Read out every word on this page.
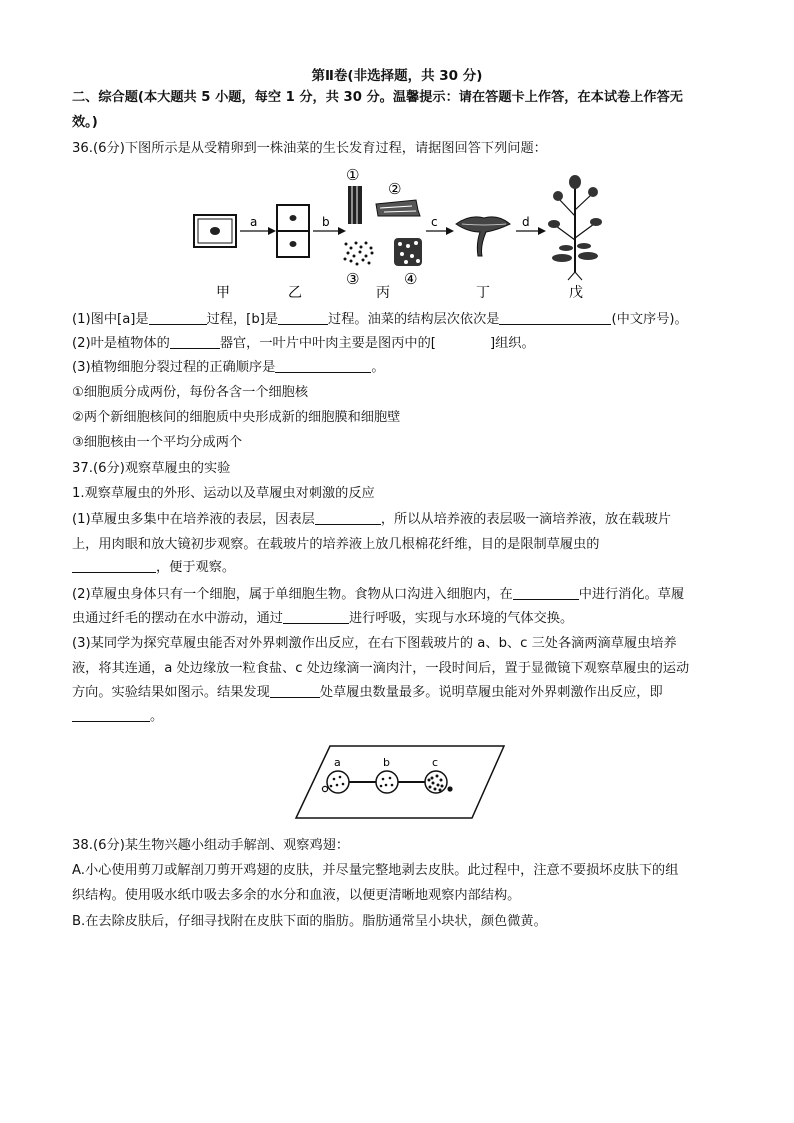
第Ⅱ卷(非选择题，共 30 分)
二、综合题(本大题共 5 小题，每空 1 分，共 30 分。温馨提示：请在答题卡上作答，在本试卷上作答无
效。)
36.(6分)下图所示是从受精卵到一株油菜的生长发育过程，请据图回答下列问题：
a	b
①
②
③	④
c	d
甲	乙	丙	丁	戊
(1)图中[a]是	过程，[b]是	过程。油菜的结构层次依次是	(中文序号)。
(2)叶是植物体的	器官，一叶片中叶肉主要是图丙中的[	]组织。
(3)植物细胞分裂过程的正确顺序是	。
①细胞质分成两份，每份各含一个细胞核
②两个新细胞核间的细胞质中央形成新的细胞膜和细胞壁
③细胞核由一个平均分成两个
37.(6分)观察草履虫的实验
1.观察草履虫的外形、运动以及草履虫对刺激的反应
(1)草履虫多集中在培养液的表层，因表层	，所以从培养液的表层吸一滴培养液，放在载玻片
上，用肉眼和放大镜初步观察。在载玻片的培养液上放几根棉花纤维，目的是限制草履虫的
，便于观察。
(2)草履虫身体只有一个细胞，属于单细胞生物。食物从口沟进入细胞内，在	中进行消化。草履
虫通过纤毛的摆动在水中游动，通过	进行呼吸，实现与水环境的气体交换。
(3)某同学为探究草履虫能否对外界刺激作出反应，在右下图载玻片的 a、b、c 三处各滴两滴草履虫培养
液，将其连通，a 处边缘放一粒食盐、c 处边缘滴一滴肉汁，一段时间后，置于显微镜下观察草履虫的运动
方向。实验结果如图示。结果发现	处草履虫数量最多。说明草履虫能对外界刺激作出反应，即
。
a	b	c
38.(6分)某生物兴趣小组动手解剖、观察鸡翅：
A.小心使用剪刀或解剖刀剪开鸡翅的皮肤，并尽量完整地剥去皮肤。此过程中，注意不要损坏皮肤下的组
织结构。使用吸水纸巾吸去多余的水分和血液，以便更清晰地观察内部结构。
B.在去除皮肤后，仔细寻找附在皮肤下面的脂肪。脂肪通常呈小块状，颜色微黄。
